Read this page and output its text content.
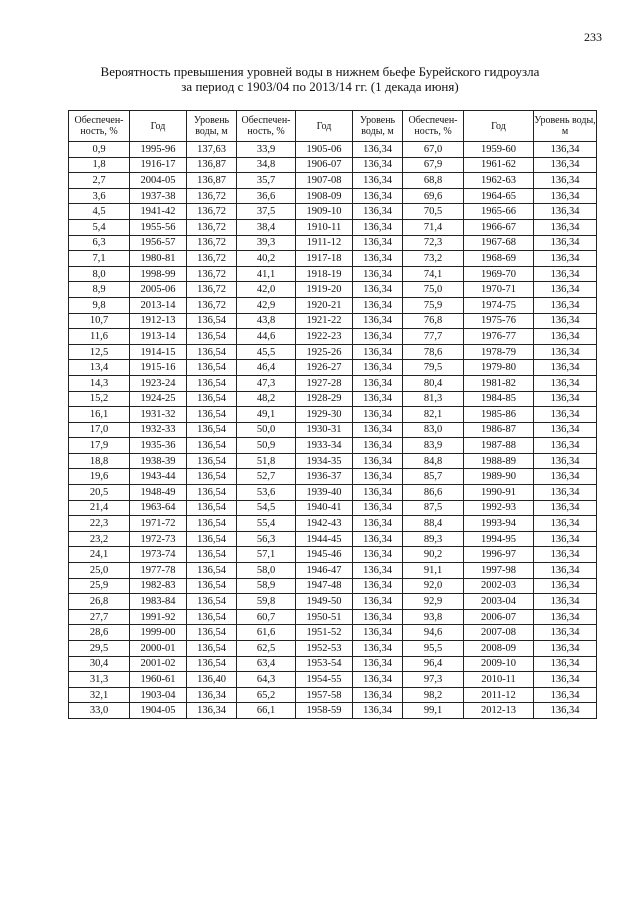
233
Вероятность превышения уровней воды в нижнем бьефе Бурейского гидроузла
за период с 1903/04 по 2013/14 гг. (1 декада июня)
Обеспечен-ность, %	Год	Уровень воды, м	Обеспечен-ность, %	Год	Уровень воды, м	Обеспечен-ность, %	Год	Уровень воды, м
0,9	1995-96	137,63	33,9	1905-06	136,34	67,0	1959-60	136,34
1,8	1916-17	136,87	34,8	1906-07	136,34	67,9	1961-62	136,34
2,7	2004-05	136,87	35,7	1907-08	136,34	68,8	1962-63	136,34
3,6	1937-38	136,72	36,6	1908-09	136,34	69,6	1964-65	136,34
4,5	1941-42	136,72	37,5	1909-10	136,34	70,5	1965-66	136,34
5,4	1955-56	136,72	38,4	1910-11	136,34	71,4	1966-67	136,34
6,3	1956-57	136,72	39,3	1911-12	136,34	72,3	1967-68	136,34
7,1	1980-81	136,72	40,2	1917-18	136,34	73,2	1968-69	136,34
8,0	1998-99	136,72	41,1	1918-19	136,34	74,1	1969-70	136,34
8,9	2005-06	136,72	42,0	1919-20	136,34	75,0	1970-71	136,34
9,8	2013-14	136,72	42,9	1920-21	136,34	75,9	1974-75	136,34
10,7	1912-13	136,54	43,8	1921-22	136,34	76,8	1975-76	136,34
11,6	1913-14	136,54	44,6	1922-23	136,34	77,7	1976-77	136,34
12,5	1914-15	136,54	45,5	1925-26	136,34	78,6	1978-79	136,34
13,4	1915-16	136,54	46,4	1926-27	136,34	79,5	1979-80	136,34
14,3	1923-24	136,54	47,3	1927-28	136,34	80,4	1981-82	136,34
15,2	1924-25	136,54	48,2	1928-29	136,34	81,3	1984-85	136,34
16,1	1931-32	136,54	49,1	1929-30	136,34	82,1	1985-86	136,34
17,0	1932-33	136,54	50,0	1930-31	136,34	83,0	1986-87	136,34
17,9	1935-36	136,54	50,9	1933-34	136,34	83,9	1987-88	136,34
18,8	1938-39	136,54	51,8	1934-35	136,34	84,8	1988-89	136,34
19,6	1943-44	136,54	52,7	1936-37	136,34	85,7	1989-90	136,34
20,5	1948-49	136,54	53,6	1939-40	136,34	86,6	1990-91	136,34
21,4	1963-64	136,54	54,5	1940-41	136,34	87,5	1992-93	136,34
22,3	1971-72	136,54	55,4	1942-43	136,34	88,4	1993-94	136,34
23,2	1972-73	136,54	56,3	1944-45	136,34	89,3	1994-95	136,34
24,1	1973-74	136,54	57,1	1945-46	136,34	90,2	1996-97	136,34
25,0	1977-78	136,54	58,0	1946-47	136,34	91,1	1997-98	136,34
25,9	1982-83	136,54	58,9	1947-48	136,34	92,0	2002-03	136,34
26,8	1983-84	136,54	59,8	1949-50	136,34	92,9	2003-04	136,34
27,7	1991-92	136,54	60,7	1950-51	136,34	93,8	2006-07	136,34
28,6	1999-00	136,54	61,6	1951-52	136,34	94,6	2007-08	136,34
29,5	2000-01	136,54	62,5	1952-53	136,34	95,5	2008-09	136,34
30,4	2001-02	136,54	63,4	1953-54	136,34	96,4	2009-10	136,34
31,3	1960-61	136,40	64,3	1954-55	136,34	97,3	2010-11	136,34
32,1	1903-04	136,34	65,2	1957-58	136,34	98,2	2011-12	136,34
33,0	1904-05	136,34	66,1	1958-59	136,34	99,1	2012-13	136,34
